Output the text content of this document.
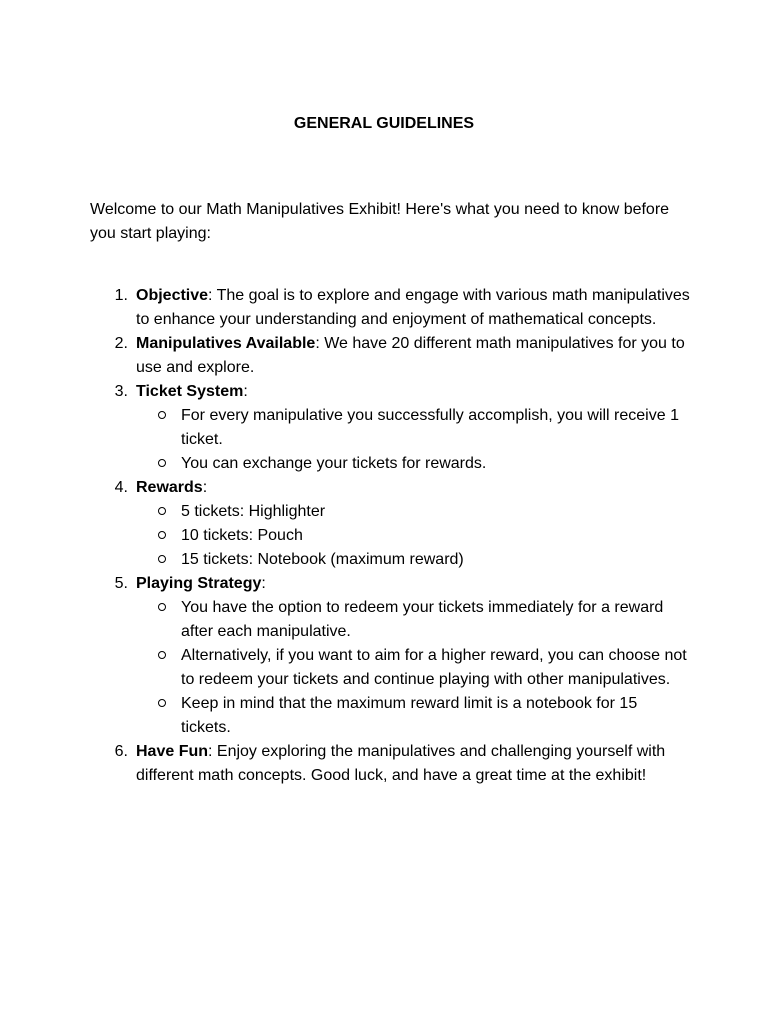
GENERAL GUIDELINES

Welcome to our Math Manipulatives Exhibit! Here's what you need to know before you start playing:

1. Objective: The goal is to explore and engage with various math manipulatives to enhance your understanding and enjoyment of mathematical concepts.
2. Manipulatives Available: We have 20 different math manipulatives for you to use and explore.
3. Ticket System:
For every manipulative you successfully accomplish, you will receive 1 ticket.
You can exchange your tickets for rewards.
4. Rewards:
5 tickets: Highlighter
10 tickets: Pouch
15 tickets: Notebook (maximum reward)
5. Playing Strategy:
You have the option to redeem your tickets immediately for a reward after each manipulative.
Alternatively, if you want to aim for a higher reward, you can choose not to redeem your tickets and continue playing with other manipulatives.
Keep in mind that the maximum reward limit is a notebook for 15 tickets.
6. Have Fun: Enjoy exploring the manipulatives and challenging yourself with different math concepts. Good luck, and have a great time at the exhibit!
